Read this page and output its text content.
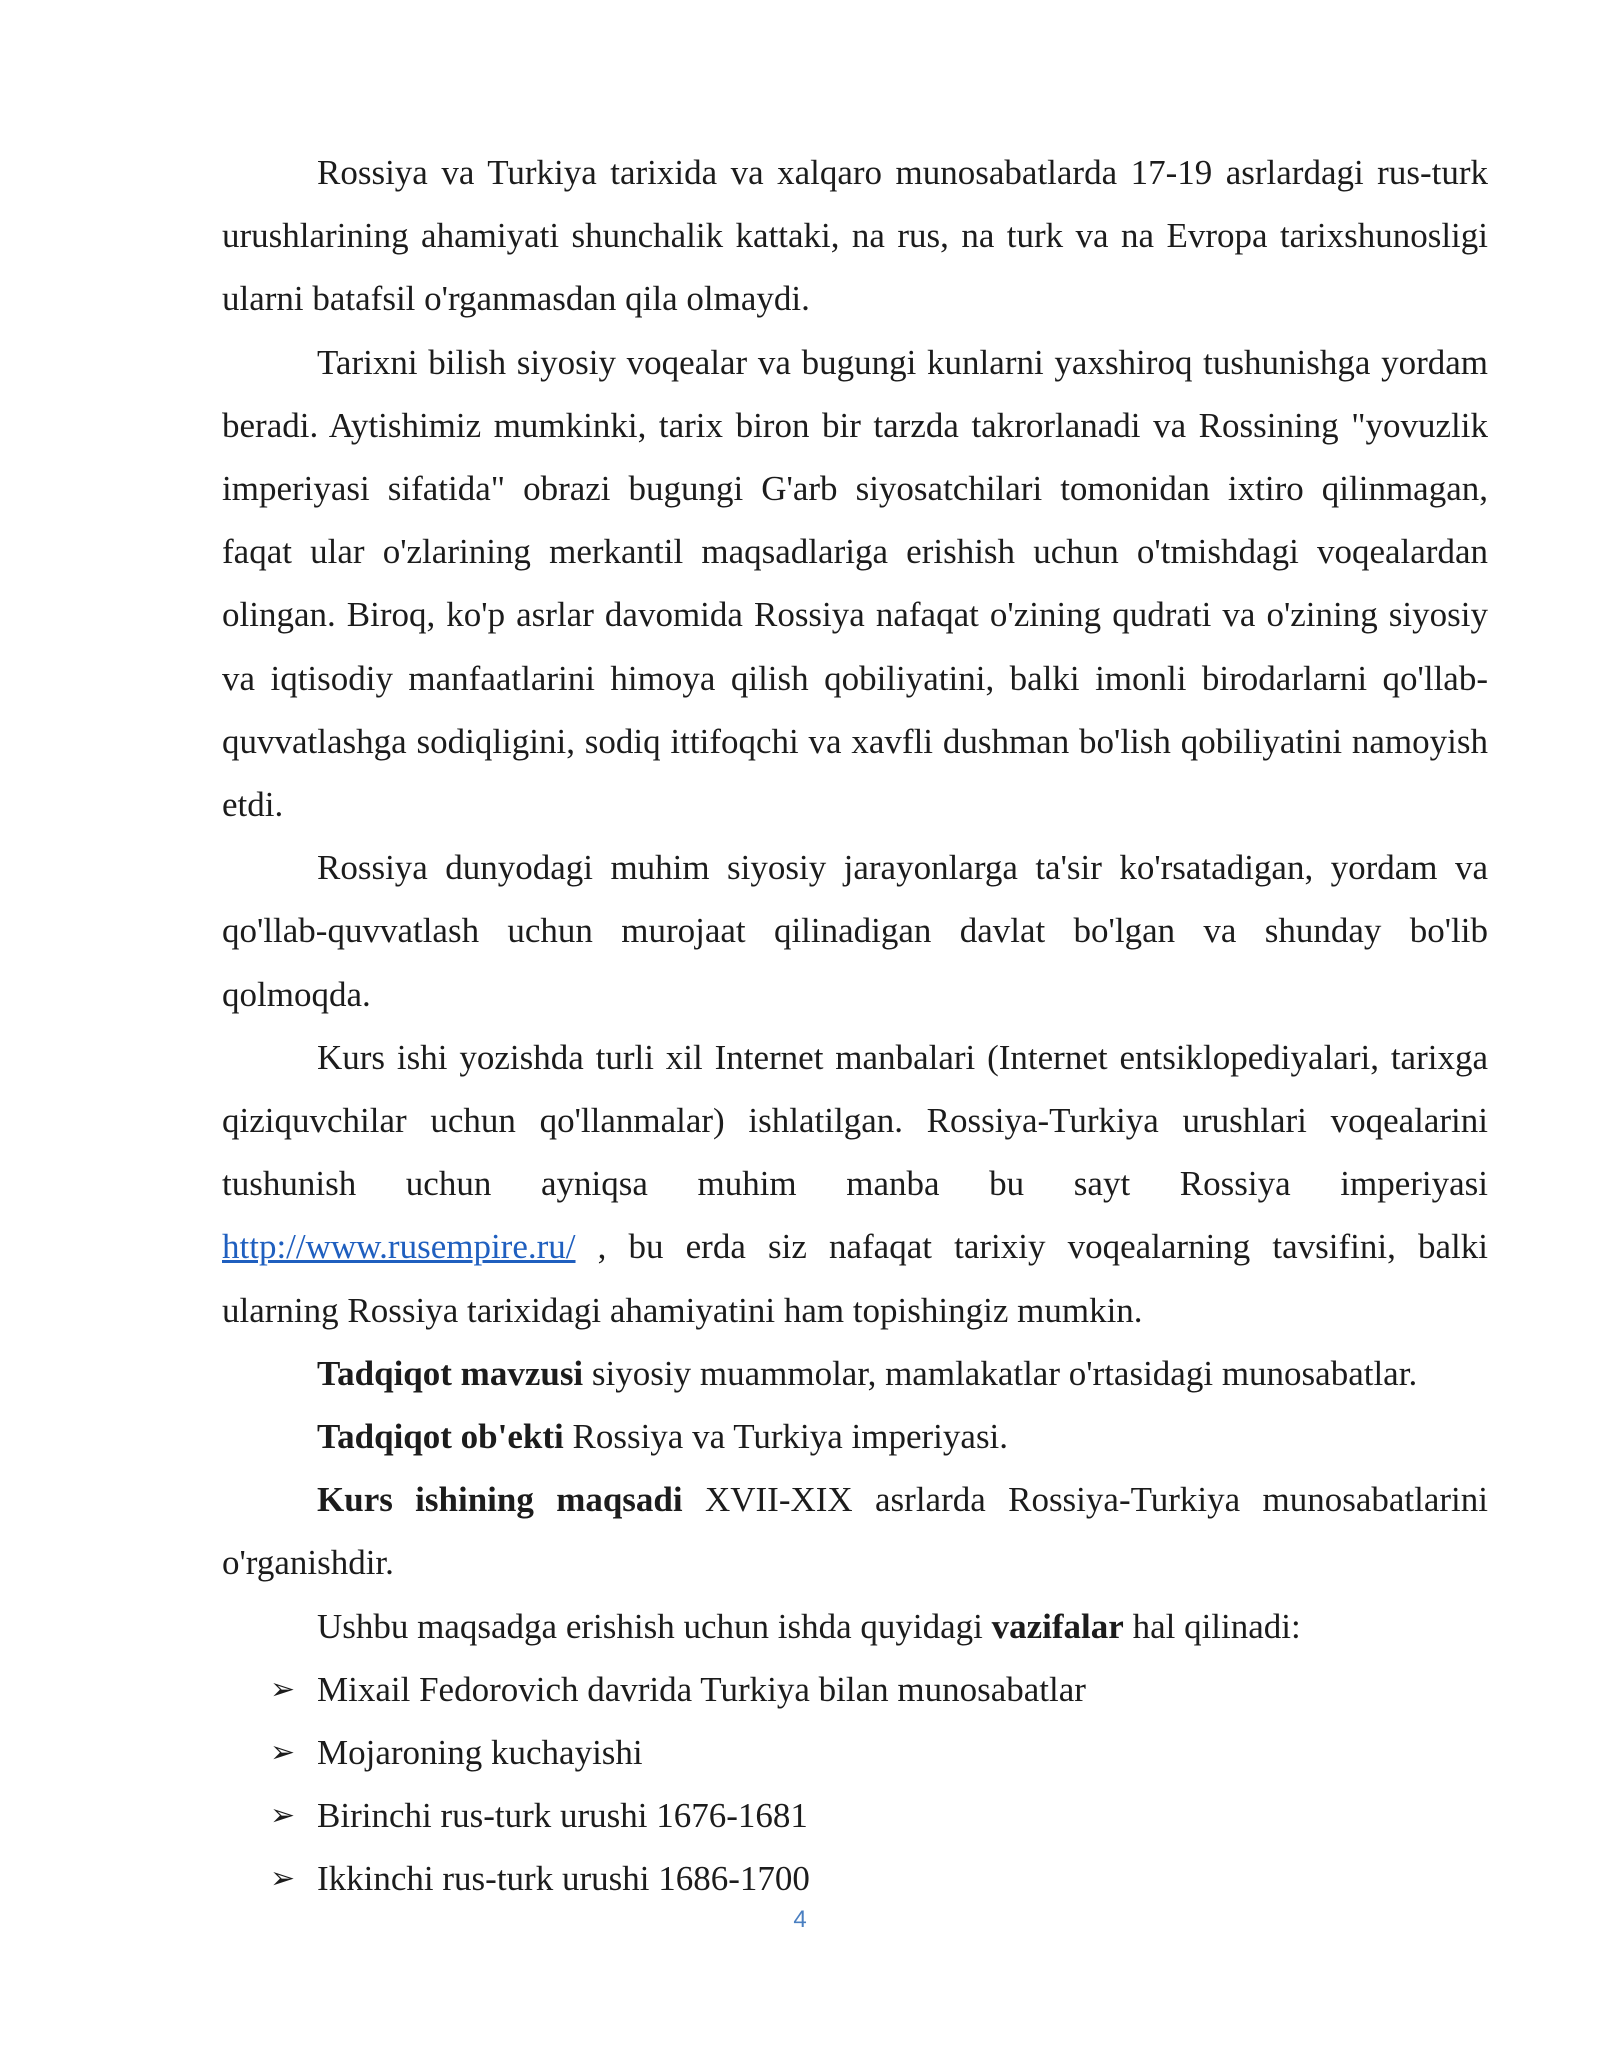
Rossiya va Turkiya tarixida va xalqaro munosabatlarda 17-19 asrlardagi rus-turk urushlarining ahamiyati shunchalik kattaki, na rus, na turk va na Evropa tarixshunosligi ularni batafsil o'rganmasdan qila olmaydi.

Tarixni bilish siyosiy voqealar va bugungi kunlarni yaxshiroq tushunishga yordam beradi. Aytishimiz mumkinki, tarix biron bir tarzda takrorlanadi va Rossining "yovuzlik imperiyasi sifatida" obrazi bugungi G'arb siyosatchilari tomonidan ixtiro qilinmagan, faqat ular o'zlarining merkantil maqsadlariga erishish uchun o'tmishdagi voqealardan olingan. Biroq, ko'p asrlar davomida Rossiya nafaqat o'zining qudrati va o'zining siyosiy va iqtisodiy manfaatlarini himoya qilish qobiliyatini, balki imonli birodarlarni qo'llab-quvvatlashga sodiqligini, sodiq ittifoqchi va xavfli dushman bo'lish qobiliyatini namoyish etdi.

Rossiya dunyodagi muhim siyosiy jarayonlarga ta'sir ko'rsatadigan, yordam va qo'llab-quvvatlash uchun murojaat qilinadigan davlat bo'lgan va shunday bo'lib qolmoqda.

Kurs ishi yozishda turli xil Internet manbalari (Internet entsiklopediyalari, tarixga qiziquvchilar uchun qo'llanmalar) ishlatilgan. Rossiya-Turkiya urushlari voqealarini tushunish uchun ayniqsa muhim manba bu sayt Rossiya imperiyasi http://www.rusempire.ru/ , bu erda siz nafaqat tarixiy voqealarning tavsifini, balki ularning Rossiya tarixidagi ahamiyatini ham topishingiz mumkin.

Tadqiqot mavzusi siyosiy muammolar, mamlakatlar o'rtasidagi munosabatlar.

Tadqiqot ob'ekti Rossiya va Turkiya imperiyasi.

Kurs ishining maqsadi XVII-XIX asrlarda Rossiya-Turkiya munosabatlarini o'rganishdir.

Ushbu maqsadga erishish uchun ishda quyidagi vazifalar hal qilinadi:

➢ Mixail Fedorovich davrida Turkiya bilan munosabatlar
➢ Mojaroning kuchayishi
➢ Birinchi rus-turk urushi 1676-1681
➢ Ikkinchi rus-turk urushi 1686-1700
4
